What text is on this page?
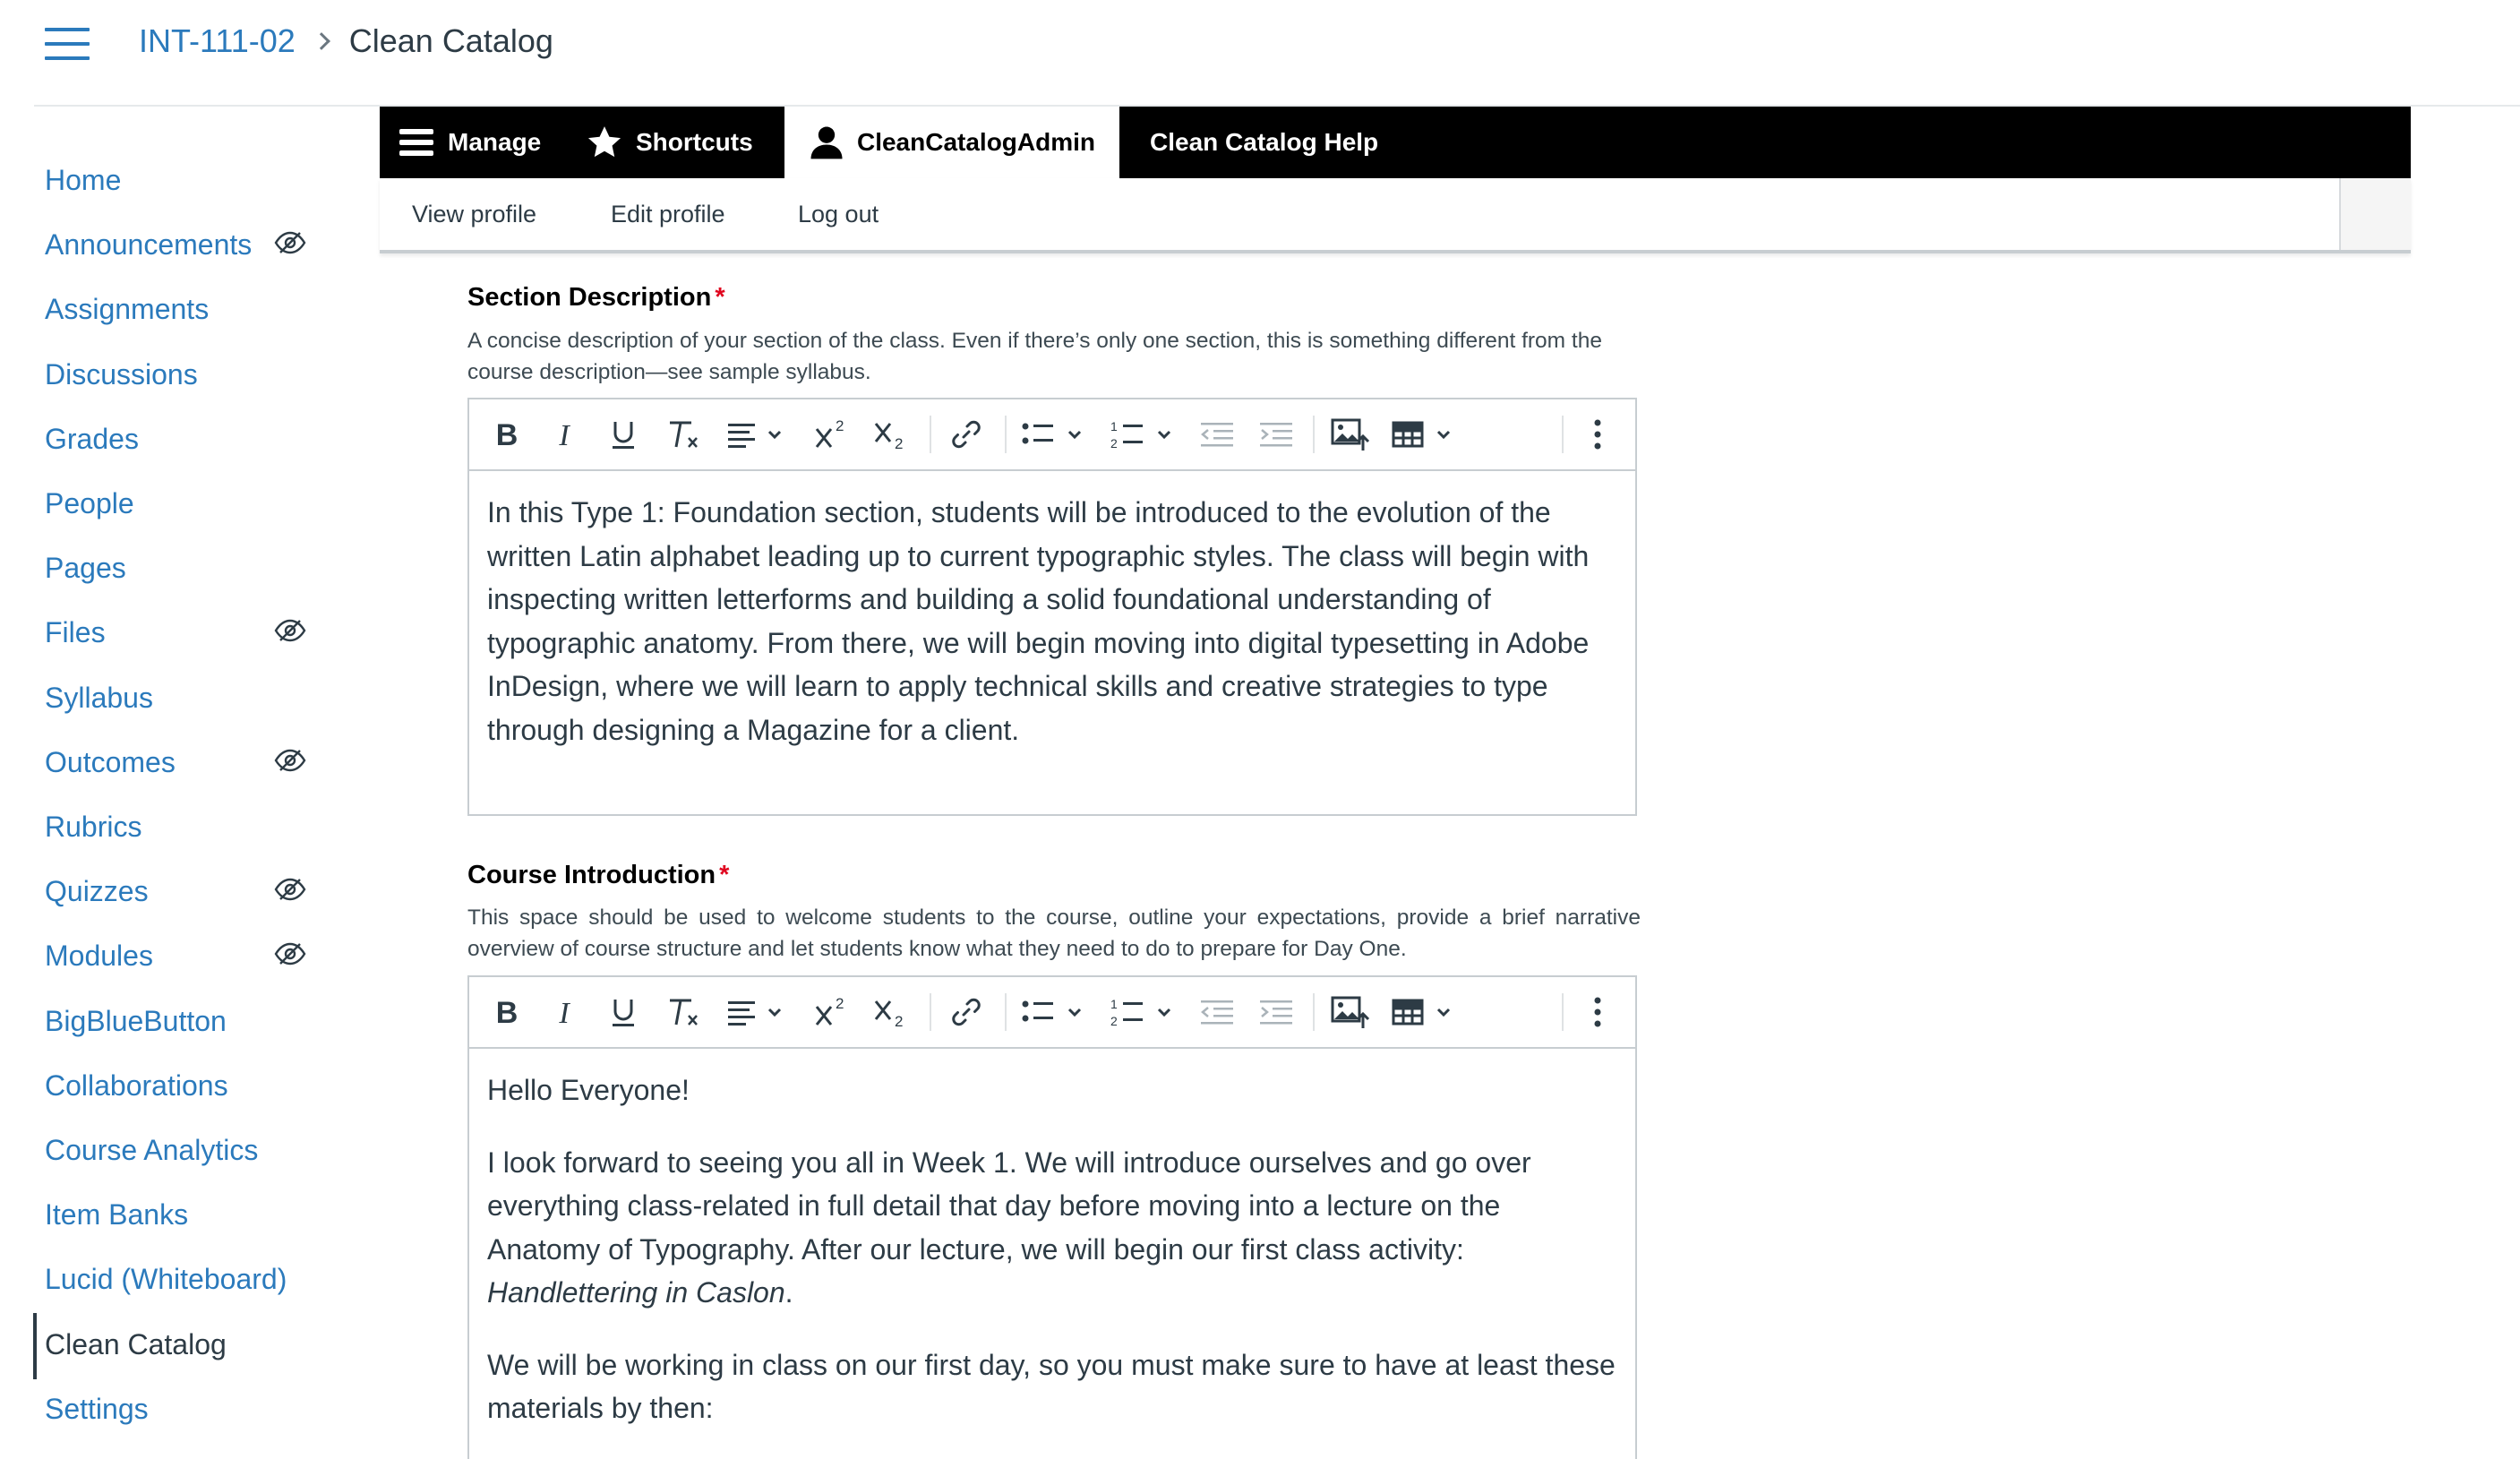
INT-111-02 Clean Catalog
Manage	Shortcuts	CleanCatalogAdmin Clean Catalog Help
View profile	Edit profile	Log out
Section Description *
A concise description of your section of the class. Even if there’s only one section, this is something different from the course description—see sample syllabus.
B I	2
2
1
2

In this Type 1: Foundation section, students will be introduced to the evolution of the written Latin alphabet leading up to current typographic styles. The class will begin with inspecting written letterforms and building a solid foundational understanding of typographic anatomy. From there, we will begin moving into digital typesetting in Adobe InDesign, where we will learn to apply technical skills and creative strategies to type through designing a Magazine for a client.

Course Introduction *
This space should be used to welcome students to the course, outline your expectations, provide a brief narrative overview of course structure and let students know what they need to do to prepare for Day One.
B I	2
2
1
2

Hello Everyone!

I look forward to seeing you all in Week 1. We will introduce ourselves and go over everything class-related in full detail that day before moving into a lecture on the Anatomy of Typography. After our lecture, we will begin our first class activity: Handlettering in Caslon.

We will be working in class on our first day, so you must make sure to have at least these materials by then:

Home
Announcements
Assignments
Discussions
Grades
People
Pages
Files
Syllabus
Outcomes
Rubrics
Quizzes
Modules
BigBlueButton
Collaborations
Course Analytics
Item Banks
Lucid (Whiteboard)
Clean Catalog
Settings
